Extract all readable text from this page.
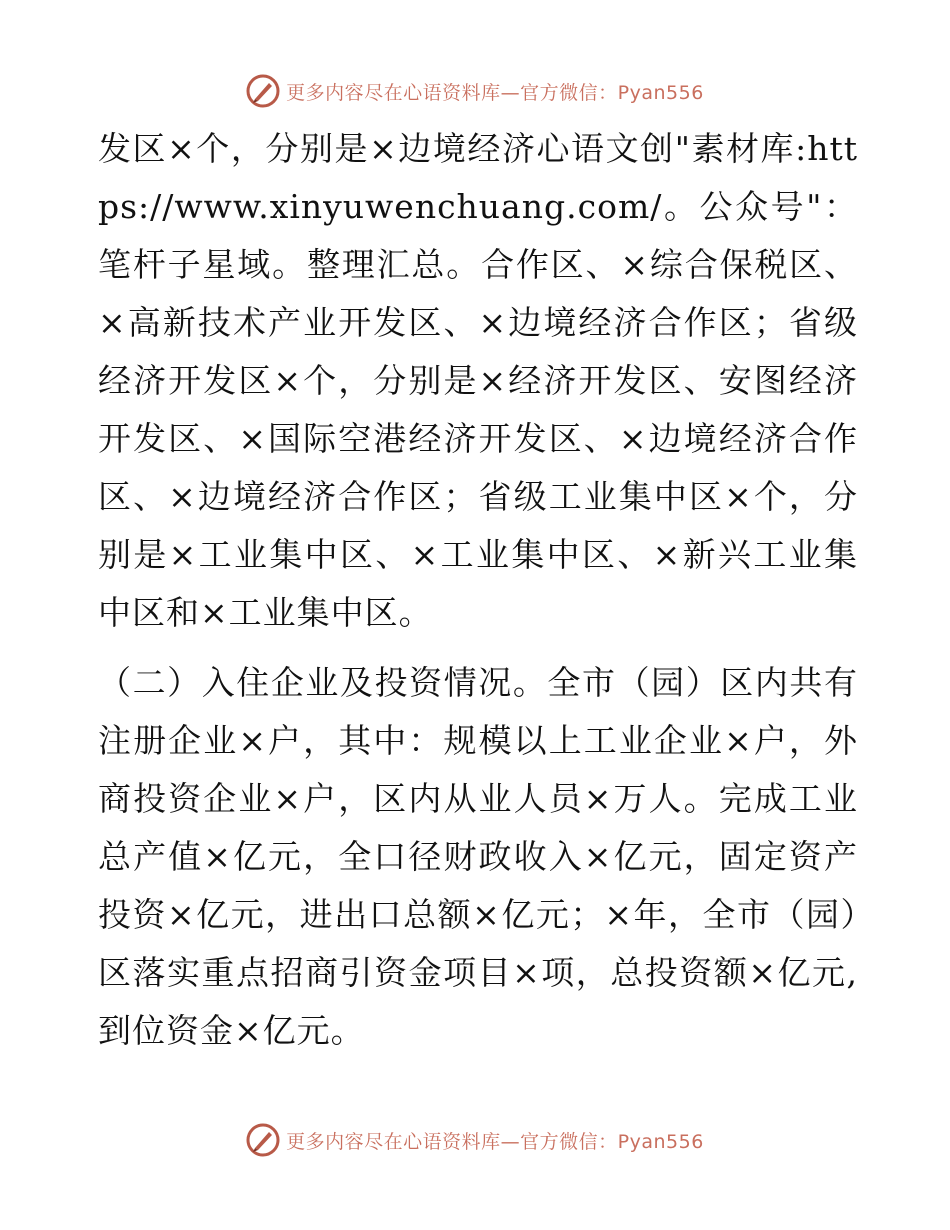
更多内容尽在心语资料库—官方微信：Pyan556

发区×个，分别是×边境经济心语文创"素材库:https://www.xinyuwenchuang.com/。公众号"：笔杆子星域。整理汇总。合作区、×综合保税区、×高新技术产业开发区、×边境经济合作区；省级经济开发区×个，分别是×经济开发区、安图经济开发区、×国际空港经济开发区、×边境经济合作区、×边境经济合作区；省级工业集中区×个，分别是×工业集中区、×工业集中区、×新兴工业集中区和×工业集中区。

（二）入住企业及投资情况。全市（园）区内共有注册企业×户，其中：规模以上工业企业×户，外商投资企业×户，区内从业人员×万人。完成工业总产值×亿元，全口径财政收入×亿元，固定资产投资×亿元，进出口总额×亿元；×年，全市（园）区落实重点招商引资金项目×项，总投资额×亿元,到位资金×亿元。

更多内容尽在心语资料库—官方微信：Pyan556
